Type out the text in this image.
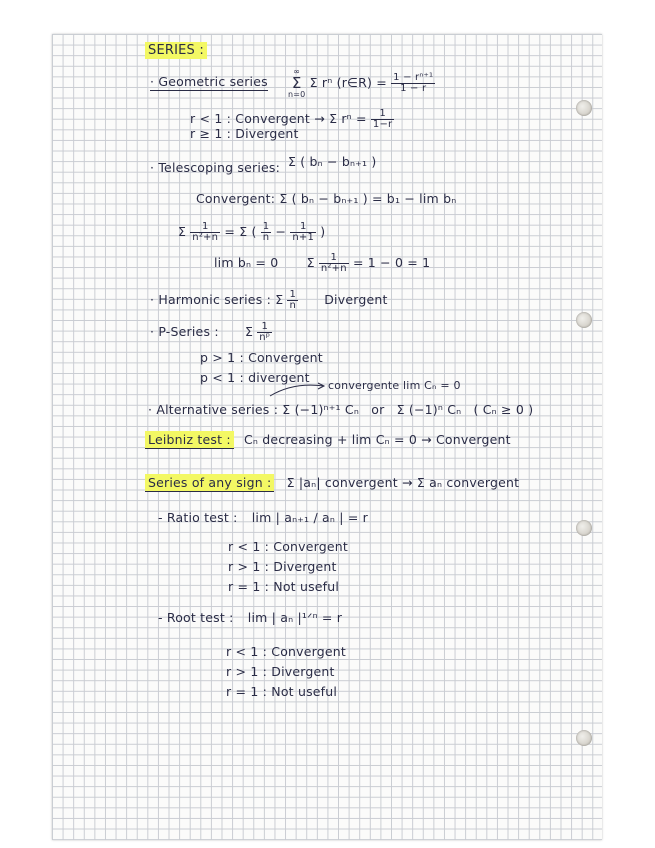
SERIES :
· Geometric series
∞
Σ
n=0 Σ rⁿ (r∈R) = $\frac{\text{1 − rⁿ⁺¹}}{1 - r}$
r < 1 : Convergent → Σ $r^n = \frac{1}{1-r}$
r ≥ 1 : Divergent
· Telescoping series: Σ ( bₙ − bₙ₊₁ )
Convergent: Σ ( bₙ − bₙ₊₁ ) = b₁ − lim bₙ
Σ $\frac{1}{\text{n²+n}} = \Sigma$ ( $\frac{1}{n} - \frac{1}{n+1}$ )
lim bₙ = 0 Σ $\frac{1}{\text{n²+n}} = 1 - 0 = 1$
· Harmonic series : Σ $\frac{1}{n}$ Divergent
· P-Series : Σ $\frac{1}{\text{nᵖ}}$
p > 1 : Convergent
p < 1 : divergent
convergente lim Cₙ = 0
· Alternative series : Σ (−1)ⁿ⁺¹ Cₙ or Σ (−1)ⁿ Cₙ ( Cₙ ≥ 0 )
Leibniz test : Cₙ decreasing + lim Cₙ = 0 → Convergent
Series of any sign : Σ |aₙ| convergent → Σ aₙ convergent
- Ratio test : lim | aₙ₊₁ / aₙ | = r
r < 1 : Convergent
r > 1 : Divergent
r = 1 : Not useful
- Root test : lim | aₙ |¹ᐟⁿ = r
r < 1 : Convergent
r > 1 : Divergent
r = 1 : Not useful
